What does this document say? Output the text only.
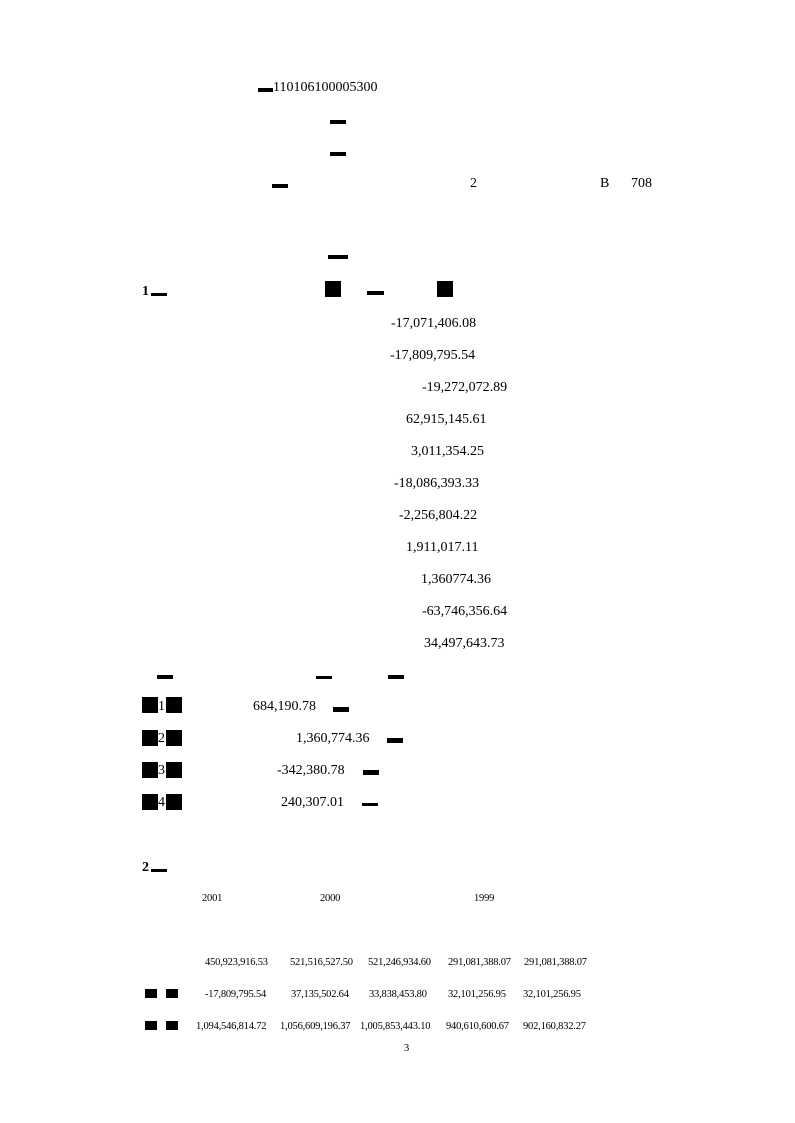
110106100005300
2	B 708
1
-17,071,406.08
-17,809,795.54
-19,272,072.89
62,915,145.61
3,011,354.25
-18,086,393.33
-2,256,804.22
1,911,017.11
1,360774.36
-63,746,356.64
34,497,643.73
1	684,190.78
2	1,360,774.36
3	-342,380.78
4	240,307.01
2
2001	2000	1999
450,923,916.53 521,516,527.50 521,246,934.60 291,081,388.07 291,081,388.07
-17,809,795.54 37,135,502.64 33,838,453.80 32,101,256.95 32,101,256.95
1,094,546,814.72 1,056,609,196.37 1,005,853,443.10 940,610,600.67 902,160,832.27
3
